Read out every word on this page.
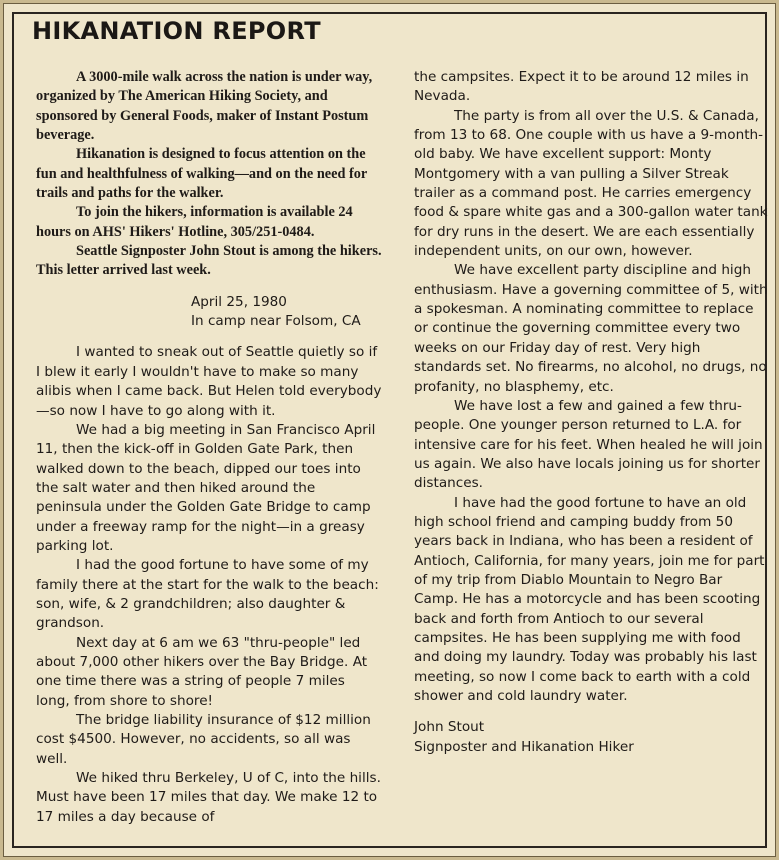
HIKANATION REPORT

A 3000-mile walk across the nation is under way, organized by The American Hiking Society, and sponsored by General Foods, maker of Instant Postum beverage.

Hikanation is designed to focus attention on the fun and healthfulness of walking—and on the need for trails and paths for the walker.

To join the hikers, information is available 24 hours on AHS' Hikers' Hotline, 305/251-0484.

Seattle Signposter John Stout is among the hikers. This letter arrived last week.

April 25, 1980

In camp near Folsom, CA

I wanted to sneak out of Seattle quietly so if I blew it early I wouldn't have to make so many alibis when I came back. But Helen told everybody—so now I have to go along with it.

We had a big meeting in San Francisco April 11, then the kick-off in Golden Gate Park, then walked down to the beach, dipped our toes into the salt water and then hiked around the peninsula under the Golden Gate Bridge to camp under a freeway ramp for the night—in a greasy parking lot.

I had the good fortune to have some of my family there at the start for the walk to the beach: son, wife, & 2 grandchildren; also daughter & grandson.

Next day at 6 am we 63 "thru-people" led about 7,000 other hikers over the Bay Bridge. At one time there was a string of people 7 miles long, from shore to shore!

The bridge liability insurance of $12 million cost $4500. However, no accidents, so all was well.

We hiked thru Berkeley, U of C, into the hills. Must have been 17 miles that day. We make 12 to 17 miles a day because of

the campsites. Expect it to be around 12 miles in Nevada.

The party is from all over the U.S. & Canada, from 13 to 68. One couple with us have a 9-month-old baby. We have excellent support: Monty Montgomery with a van pulling a Silver Streak trailer as a command post. He carries emergency food & spare white gas and a 300-gallon water tank for dry runs in the desert. We are each essentially independent units, on our own, however.

We have excellent party discipline and high enthusiasm. Have a governing committee of 5, with a spokesman. A nominating committee to replace or continue the governing committee every two weeks on our Friday day of rest. Very high standards set. No firearms, no alcohol, no drugs, no profanity, no blasphemy, etc.

We have lost a few and gained a few thru-people. One younger person returned to L.A. for intensive care for his feet. When healed he will join us again. We also have locals joining us for shorter distances.

I have had the good fortune to have an old high school friend and camping buddy from 50 years back in Indiana, who has been a resident of Antioch, California, for many years, join me for part of my trip from Diablo Mountain to Negro Bar Camp. He has a motorcycle and has been scooting back and forth from Antioch to our several campsites. He has been supplying me with food and doing my laundry. Today was probably his last meeting, so now I come back to earth with a cold shower and cold laundry water.

John Stout

Signposter and Hikanation Hiker
